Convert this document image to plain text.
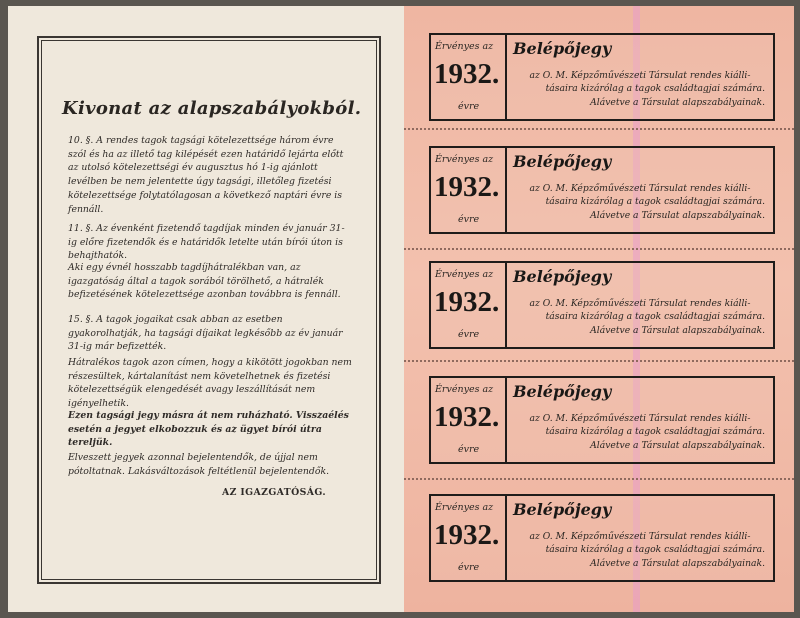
Kivonat az alapszabályokból.
10. §. A rendes tagok tagsági kötelezettsége három évre szól és ha az illető tag kilépését ezen határidő lejárta előtt az utolsó kötelezettségi év augusztus hó 1-ig ajánlott levélben be nem jelentette úgy tagsági, illetőleg fizetési kötelezettsége folytatólagosan a következő naptári évre is fennáll.
11. §. Az évenként fizetendő tagdíjak minden év január 31-ig előre fizetendők és e határidők letelte után bírói úton is behajthatók.
Aki egy évnél hosszabb tagdíjhátralékban van, az igazgatóság által a tagok sorából törölhető, a hátralék befizetésének kötelezettsége azonban továbbra is fennáll.
15. §. A tagok jogaikat csak abban az esetben gyakorolhatják, ha tagsági díjaikat legkésőbb az év január 31-ig már befizették.
Hátralékos tagok azon címen, hogy a kikötött jogokban nem részesültek, kártalanítást nem követelhetnek és fizetési kötelezettségük elengedését avagy leszállítását nem igényelhetik.
Ezen tagsági jegy másra át nem ruházható. Visszaélés esetén a jegyet elkobozzuk és az ügyet bírói útra tereljük.
Elveszett jegyek azonnal bejelentendők, de újjal nem pótoltatnak. Lakásváltozások feltétlenül bejelentendők.
AZ IGAZGATÓSÁG.
Érvényes az
1932.
évre
Belépőjegy
az O. M. Képzőművészeti Társulat rendes kiálli-
tásaira kizárólag a tagok családtagjai számára.
Alávetve a Társulat alapszabályainak.
Érvényes az
1932.
évre
Belépőjegy
az O. M. Képzőművészeti Társulat rendes kiálli-
tásaira kizárólag a tagok családtagjai számára.
Alávetve a Társulat alapszabályainak.
Érvényes az
1932.
évre
Belépőjegy
az O. M. Képzőművészeti Társulat rendes kiálli-
tásaira kizárólag a tagok családtagjai számára.
Alávetve a Társulat alapszabályainak.
Érvényes az
1932.
évre
Belépőjegy
az O. M. Képzőművészeti Társulat rendes kiálli-
tásaira kizárólag a tagok családtagjai számára.
Alávetve a Társulat alapszabályainak.
Érvényes az
1932.
évre
Belépőjegy
az O. M. Képzőművészeti Társulat rendes kiálli-
tásaira kizárólag a tagok családtagjai számára.
Alávetve a Társulat alapszabályainak.
